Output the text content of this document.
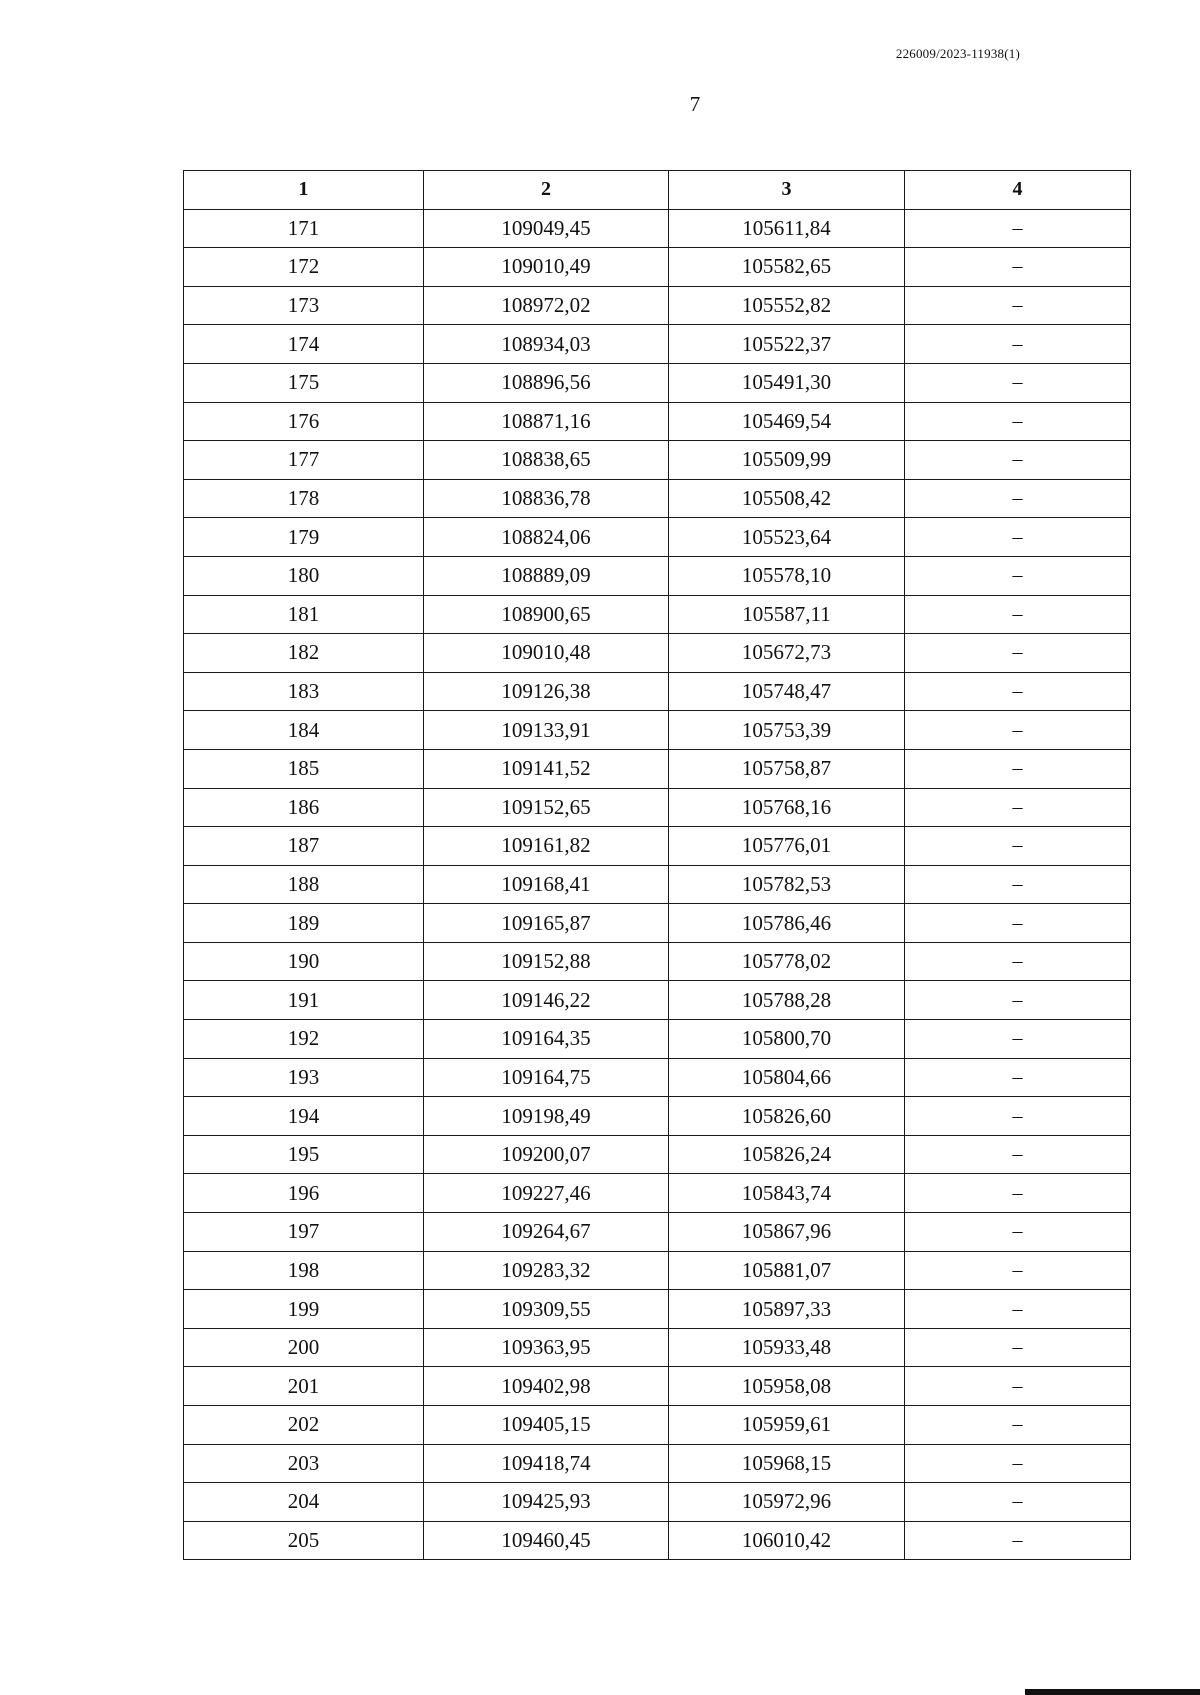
226009/2023-11938(1)
7
1	2	3	4
171	109049,45	105611,84	–
172	109010,49	105582,65	–
173	108972,02	105552,82	–
174	108934,03	105522,37	–
175	108896,56	105491,30	–
176	108871,16	105469,54	–
177	108838,65	105509,99	–
178	108836,78	105508,42	–
179	108824,06	105523,64	–
180	108889,09	105578,10	–
181	108900,65	105587,11	–
182	109010,48	105672,73	–
183	109126,38	105748,47	–
184	109133,91	105753,39	–
185	109141,52	105758,87	–
186	109152,65	105768,16	–
187	109161,82	105776,01	–
188	109168,41	105782,53	–
189	109165,87	105786,46	–
190	109152,88	105778,02	–
191	109146,22	105788,28	–
192	109164,35	105800,70	–
193	109164,75	105804,66	–
194	109198,49	105826,60	–
195	109200,07	105826,24	–
196	109227,46	105843,74	–
197	109264,67	105867,96	–
198	109283,32	105881,07	–
199	109309,55	105897,33	–
200	109363,95	105933,48	–
201	109402,98	105958,08	–
202	109405,15	105959,61	–
203	109418,74	105968,15	–
204	109425,93	105972,96	–
205	109460,45	106010,42	–
